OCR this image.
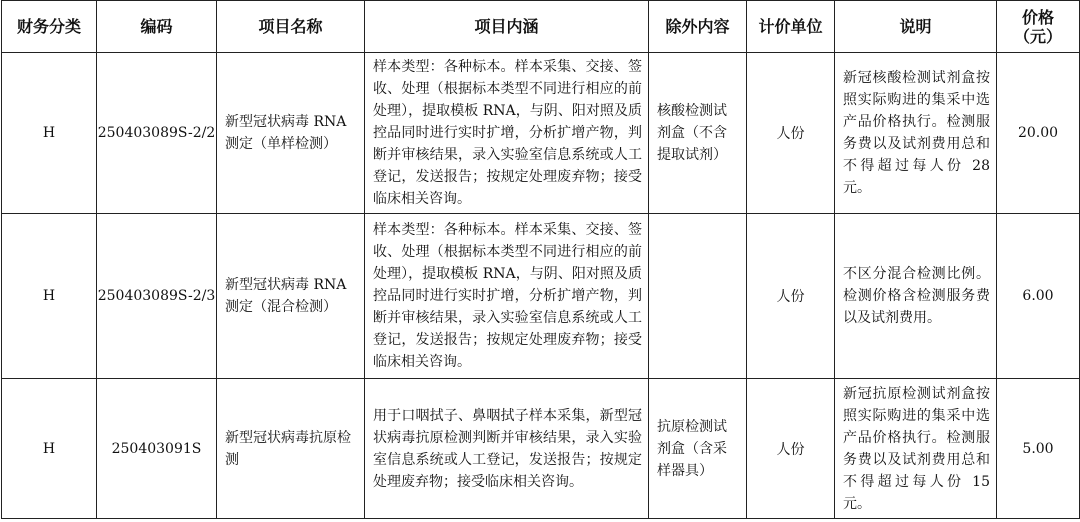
财务分类	编码	项目名称	项目内涵	除外内容	计价单位	说明	价格（元）
H	250403089S-2/2	新型冠状病毒 RNA 测定（单样检测）	样本类型：各种标本。样本采集、交接、签收、处理（根据标本类型不同进行相应的前处理），提取模板 RNA，与阴、阳对照及质控品同时进行实时扩增，分析扩增产物，判断并审核结果，录入实验室信息系统或人工登记，发送报告；按规定处理废弃物；接受临床相关咨询。	核酸检测试剂盒（不含提取试剂）	人份	新冠核酸检测试剂盒按照实际购进的集采中选产品价格执行。检测服务费以及试剂费用总和不得超过每人份 28 元。	20.00
H	250403089S-2/3	新型冠状病毒 RNA 测定（混合检测）	样本类型：各种标本。样本采集、交接、签收、处理（根据标本类型不同进行相应的前处理），提取模板 RNA，与阴、阳对照及质控品同时进行实时扩增，分析扩增产物，判断并审核结果，录入实验室信息系统或人工登记，发送报告；按规定处理废弃物；接受临床相关咨询。		人份	不区分混合检测比例。检测价格含检测服务费以及试剂费用。	6.00
H	250403091S	新型冠状病毒抗原检测	用于口咽拭子、鼻咽拭子样本采集，新型冠状病毒抗原检测判断并审核结果，录入实验室信息系统或人工登记，发送报告；按规定处理废弃物；接受临床相关咨询。	抗原检测试剂盒（含采样器具）	人份	新冠抗原检测试剂盒按照实际购进的集采中选产品价格执行。检测服务费以及试剂费用总和不得超过每人份 15 元。	5.00
